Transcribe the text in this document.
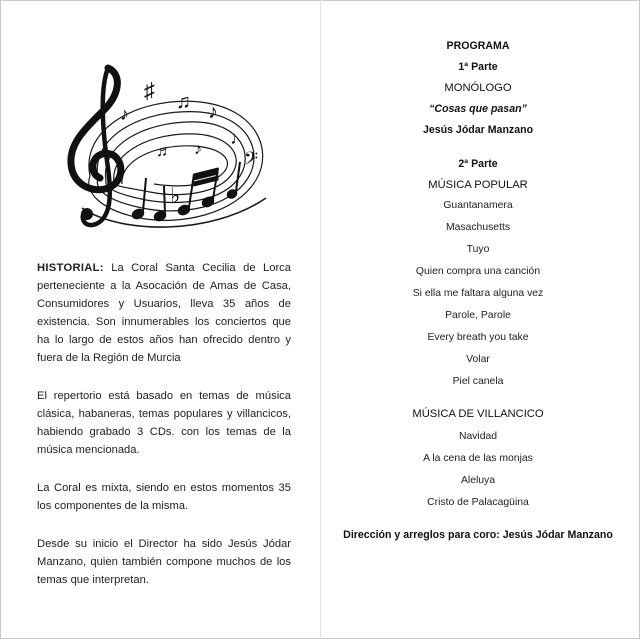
♭
♯ ♫ ♪
♪
♩
𝄢
♬ ♪

HISTORIAL: La Coral Santa Cecilia de Lorca perteneciente a la Asocación de Amas de Casa, Consumidores y Usuarios, lleva 35 años de existencia. Son innumerables los conciertos que ha lo largo de estos años han ofrecido dentro y fuera de la Región de Murcia

El repertorio está basado en temas de música clásica, habaneras, temas populares y villancicos, habiendo grabado 3 CDs. con los temas de la música mencionada.

La Coral es mixta, siendo en estos momentos 35 los componentes de la misma.

Desde su inicio el Director ha sido Jesús Jódar Manzano, quien también compone muchos de los temas que interpretan.

PROGRAMA
1ª Parte
MONÓLOGO
“Cosas que pasan”
Jesús Jódar Manzano
2ª Parte
MÚSICA POPULAR
Guantanamera
Masachusetts
Tuyo
Quien compra una canción
Si ella me faltara alguna vez
Parole, Parole
Every breath you take
Volar
Piel canela
MÚSICA DE VILLANCICO
Navidad
A la cena de las monjas
Aleluya
Cristo de Palacagüina
Dirección y arreglos para coro: Jesús Jódar Manzano
